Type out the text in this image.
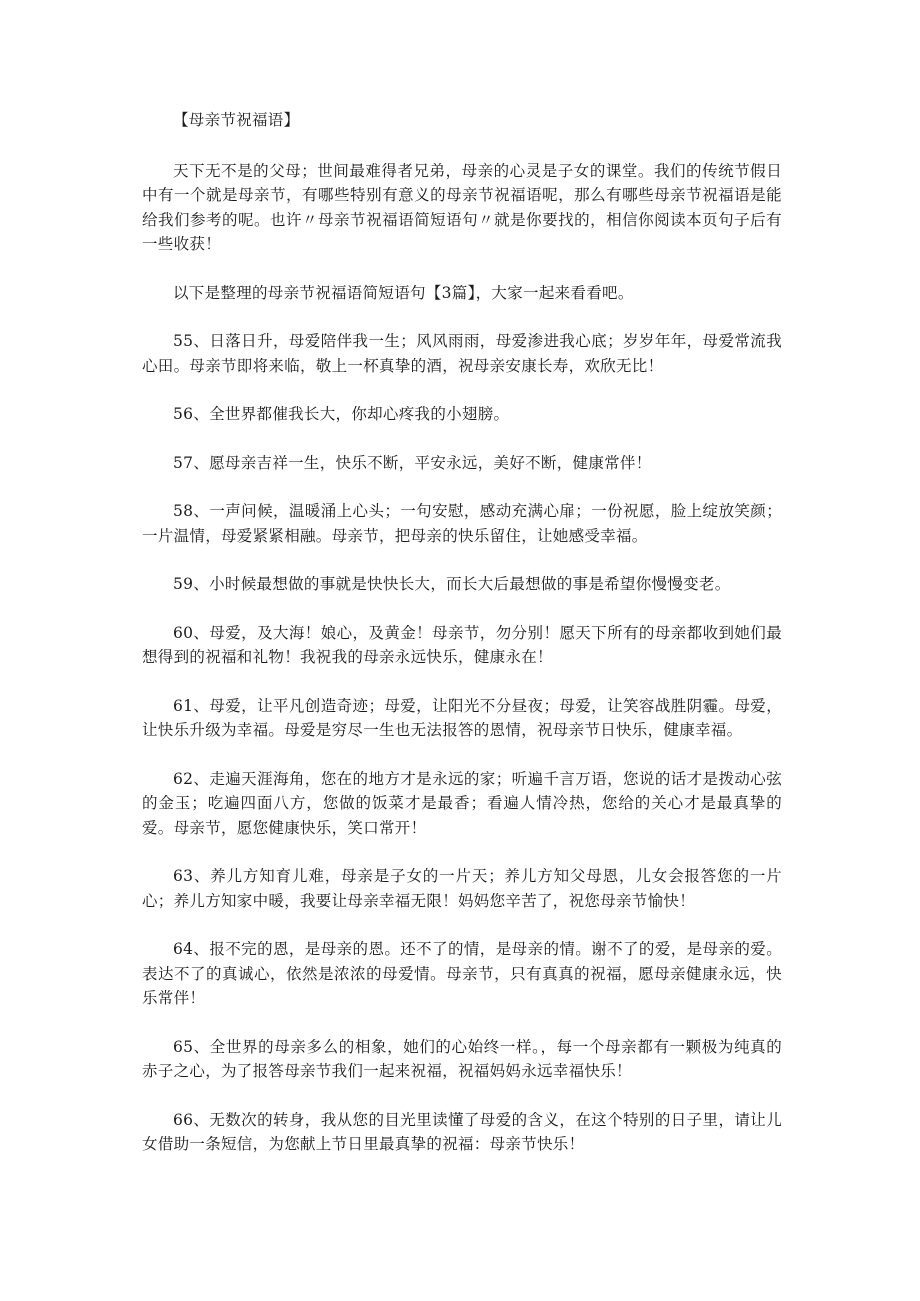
【母亲节祝福语】

天下无不是的父母；世间最难得者兄弟，母亲的心灵是子女的课堂。我们的传统节假日中有一个就是母亲节，有哪些特别有意义的母亲节祝福语呢，那么有哪些母亲节祝福语是能给我们参考的呢。也许〃母亲节祝福语简短语句〃就是你要找的，相信你阅读本页句子后有一些收获！

以下是整理的母亲节祝福语简短语句【3篇】，大家一起来看看吧。

55、日落日升，母爱陪伴我一生；风风雨雨，母爱渗进我心底；岁岁年年，母爱常流我心田。母亲节即将来临，敬上一杯真挚的酒，祝母亲安康长寿，欢欣无比！

56、全世界都催我长大，你却心疼我的小翅膀。

57、愿母亲吉祥一生，快乐不断，平安永远，美好不断，健康常伴！

58、一声问候，温暖涌上心头；一句安慰，感动充满心扉；一份祝愿，脸上绽放笑颜；一片温情，母爱紧紧相融。母亲节，把母亲的快乐留住，让她感受幸福。

59、小时候最想做的事就是快快长大，而长大后最想做的事是希望你慢慢变老。

60、母爱，及大海！娘心，及黄金！母亲节，勿分别！愿天下所有的母亲都收到她们最想得到的祝福和礼物！我祝我的母亲永远快乐，健康永在！

61、母爱，让平凡创造奇迹；母爱，让阳光不分昼夜；母爱，让笑容战胜阴霾。母爱，让快乐升级为幸福。母爱是穷尽一生也无法报答的恩情，祝母亲节日快乐，健康幸福。

62、走遍天涯海角，您在的地方才是永远的家；听遍千言万语，您说的话才是拨动心弦的金玉；吃遍四面八方，您做的饭菜才是最香；看遍人情冷热，您给的关心才是最真挚的爱。母亲节，愿您健康快乐，笑口常开！

63、养儿方知育儿难，母亲是子女的一片天；养儿方知父母恩，儿女会报答您的一片心；养儿方知家中暖，我要让母亲幸福无限！妈妈您辛苦了，祝您母亲节愉快！

64、报不完的恩，是母亲的恩。还不了的情，是母亲的情。谢不了的爱，是母亲的爱。表达不了的真诚心，依然是浓浓的母爱情。母亲节，只有真真的祝福，愿母亲健康永远，快乐常伴！

65、全世界的母亲多么的相象，她们的心始终一样。，每一个母亲都有一颗极为纯真的赤子之心，为了报答母亲节我们一起来祝福，祝福妈妈永远幸福快乐！

66、无数次的转身，我从您的目光里读懂了母爱的含义，在这个特别的日子里，请让儿女借助一条短信，为您献上节日里最真挚的祝福：母亲节快乐！
